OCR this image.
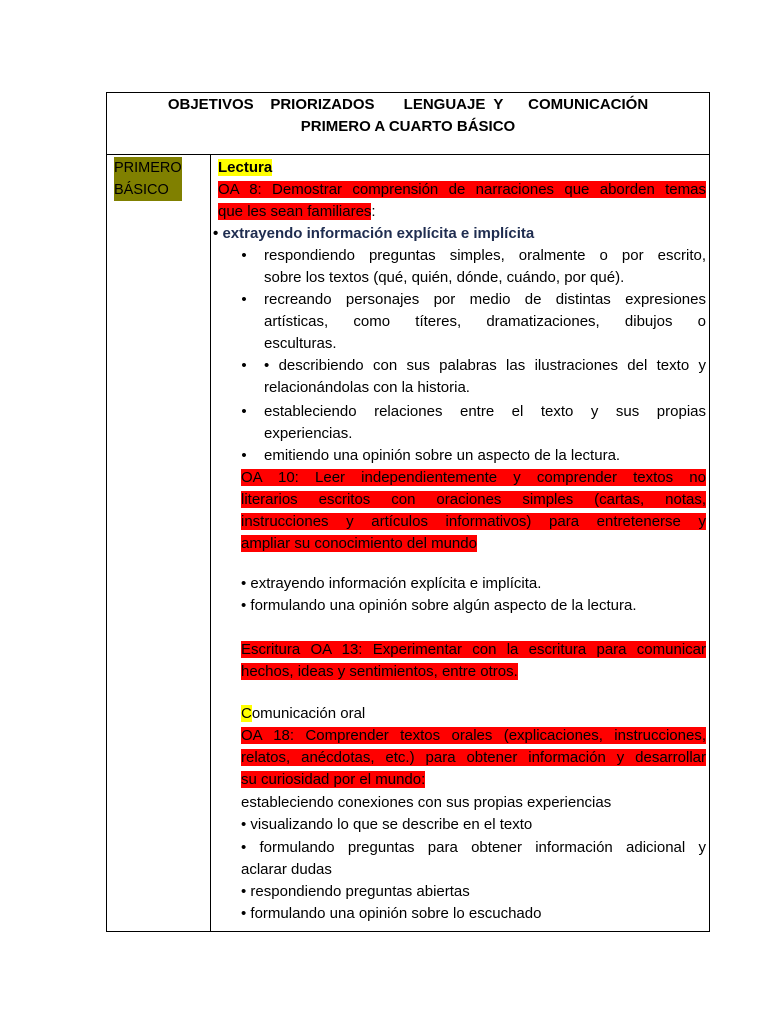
OBJETIVOS    PRIORIZADOS       LENGUAJE  Y      COMUNICACIÓN
PRIMERO A CUARTO BÁSICO
PRIMERO
BÁSICO
Lectura
OA 8: Demostrar comprensión de narraciones que aborden temas
que les sean familiares:
• extrayendo información explícita e implícita
• respondiendo preguntas simples, oralmente o por escrito,
sobre los textos (qué, quién, dónde, cuándo, por qué).
• recreando personajes por medio de distintas expresiones
artísticas, como títeres, dramatizaciones, dibujos o
esculturas.
• • describiendo con sus palabras las ilustraciones del texto y
relacionándolas con la historia.
• estableciendo relaciones entre el texto y sus propias
experiencias.
• emitiendo una opinión sobre un aspecto de la lectura.
OA 10: Leer independientemente y comprender textos no
literarios escritos con oraciones simples (cartas, notas,
instrucciones y artículos informativos) para entretenerse y
ampliar su conocimiento del mundo
• extrayendo información explícita e implícita.
• formulando una opinión sobre algún aspecto de la lectura.
Escritura OA 13: Experimentar con la escritura para comunicar
hechos, ideas y sentimientos, entre otros.
Comunicación oral
OA 18: Comprender textos orales (explicaciones, instrucciones,
relatos, anécdotas, etc.) para obtener información y desarrollar
su curiosidad por el mundo:
estableciendo conexiones con sus propias experiencias
• visualizando lo que se describe en el texto
• formulando preguntas para obtener información adicional y
aclarar dudas
• respondiendo preguntas abiertas
• formulando una opinión sobre lo escuchado
